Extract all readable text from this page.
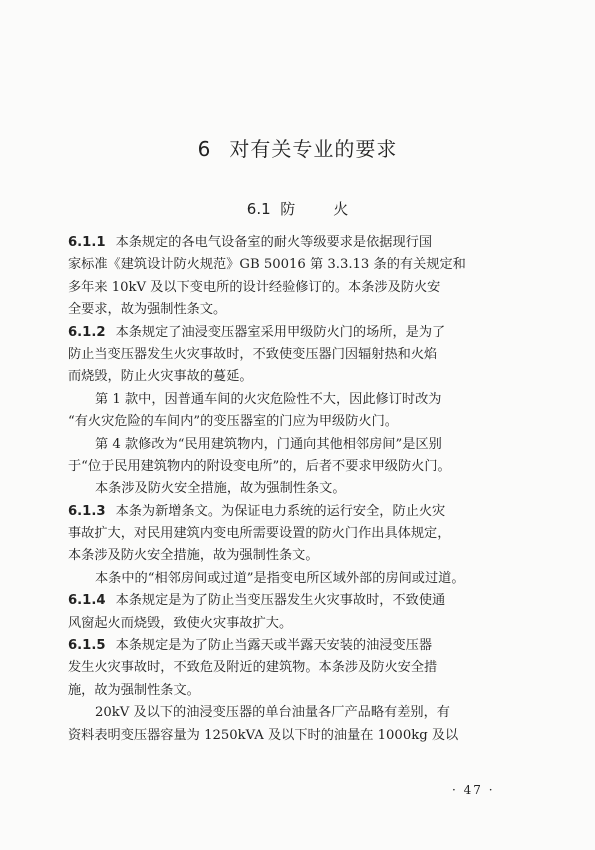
6 对有关专业的要求
6.1 防	火
6.1.1 本条规定的各电气设备室的耐火等级要求是依据现行国
家标准《建筑设计防火规范》GB 50016 第 3.3.13 条的有关规定和
多年来 10kV 及以下变电所的设计经验修订的。本条涉及防火安
全要求，故为强制性条文。
6.1.2 本条规定了油浸变压器室采用甲级防火门的场所，是为了
防止当变压器发生火灾事故时，不致使变压器门因辐射热和火焰
而烧毁，防止火灾事故的蔓延。
第 1 款中，因普通车间的火灾危险性不大，因此修订时改为
“有火灾危险的车间内”的变压器室的门应为甲级防火门。
第 4 款修改为“民用建筑物内，门通向其他相邻房间”是区别
于“位于民用建筑物内的附设变电所”的，后者不要求甲级防火门。
本条涉及防火安全措施，故为强制性条文。
6.1.3 本条为新增条文。为保证电力系统的运行安全，防止火灾
事故扩大，对民用建筑内变电所需要设置的防火门作出具体规定，
本条涉及防火安全措施，故为强制性条文。
本条中的“相邻房间或过道”是指变电所区域外部的房间或过道。
6.1.4 本条规定是为了防止当变压器发生火灾事故时，不致使通
风窗起火而烧毁，致使火灾事故扩大。
6.1.5 本条规定是为了防止当露天或半露天安装的油浸变压器
发生火灾事故时，不致危及附近的建筑物。本条涉及防火安全措
施，故为强制性条文。
20kV 及以下的油浸变压器的单台油量各厂产品略有差别，有
资料表明变压器容量为 1250kVA 及以下时的油量在 1000kg 及以
· 47 ·
